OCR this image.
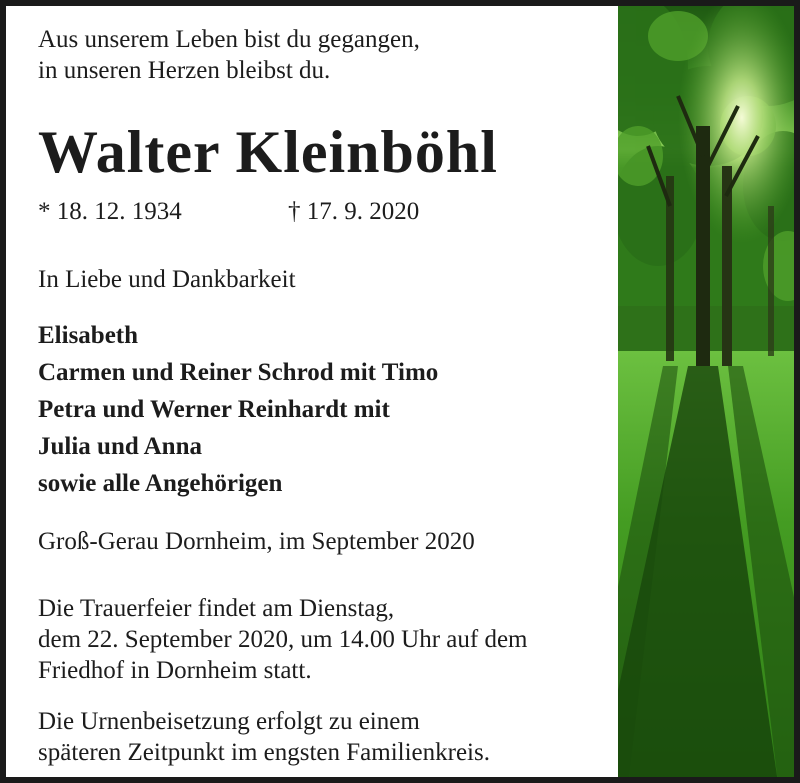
Aus unserem Leben bist du gegangen,
in unseren Herzen bleibst du.
Walter Kleinböhl
* 18. 12. 1934	† 17. 9. 2020
In Liebe und Dankbarkeit
Elisabeth
Carmen und Reiner Schrod mit Timo
Petra und Werner Reinhardt mit
Julia und Anna
sowie alle Angehörigen
Groß-Gerau Dornheim, im September 2020
Die Trauerfeier findet am Dienstag,
dem 22. September 2020, um 14.00 Uhr auf dem
Friedhof in Dornheim statt.
Die Urnenbeisetzung erfolgt zu einem
späteren Zeitpunkt im engsten Familienkreis.
